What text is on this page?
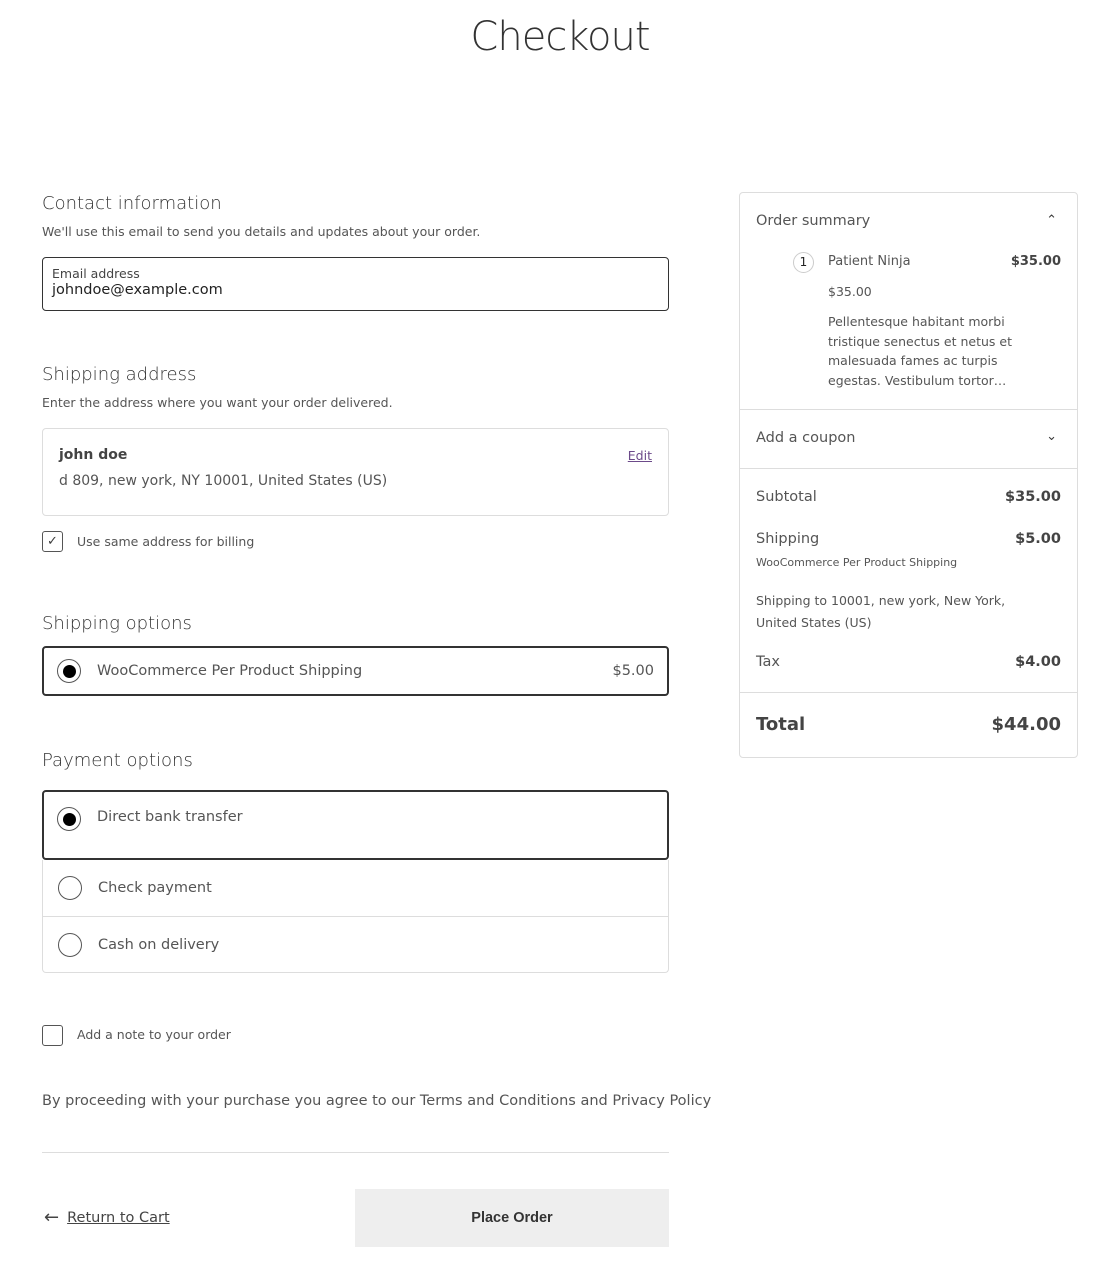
Checkout
Contact information
We'll use this email to send you details and updates about your order.
Email address
johndoe@example.com
Shipping address
Enter the address where you want your order delivered.
john doe
d 809, new york, NY 10001, United States (US)
Edit
✓ Use same address for billing
Shipping options
WooCommerce Per Product Shipping	$5.00
Payment options
Direct bank transfer
Check payment
Cash on delivery
Add a note to your order
By proceeding with your purchase you agree to our Terms and Conditions and Privacy Policy
← Return to Cart	Place Order
Order summary	⌃
1	Patient Ninja	$35.00
$35.00
Pellentesque habitant morbi tristique senectus et netus et malesuada fames ac turpis egestas. Vestibulum tortor…
Add a coupon	⌄
Subtotal	$35.00
Shipping	$5.00
WooCommerce Per Product Shipping
Shipping to 10001, new york, New York, United States (US)
Tax	$4.00
Total	$44.00
